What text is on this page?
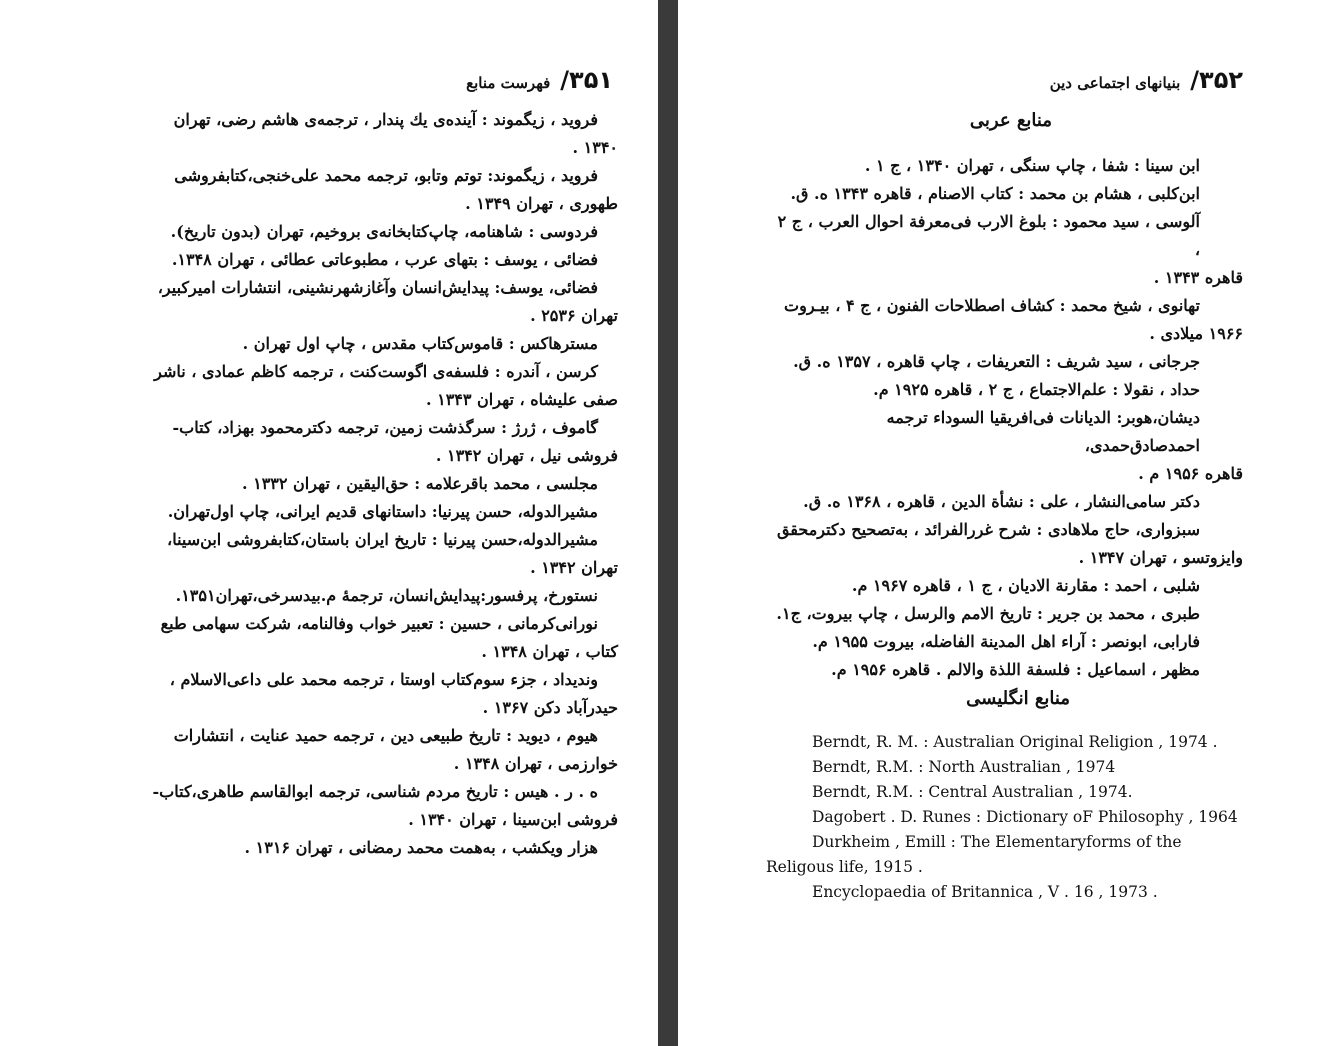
فهرست منابع ۳۵۱/
فروید ، زیگموند : آینده‌ی یك پندار ، ترجمه‌ی هاشم رضی، تهران
۱۳۴۰ .
فروید ، زیگموند: توتم وتابو، ترجمه محمد علی‌خنجی،کتابفروشی
طهوری ، تهران ۱۳۴۹ .
فردوسی : شاهنامه، چاپ‌کتابخانه‌ی بروخیم، تهران (بدون تاریخ).
فضائی ، یوسف : بتهای عرب ، مطبوعاتی عطائی ، تهران ۱۳۴۸.
فضائی، یوسف: پیدایش‌انسان وآغازشهرنشینی، انتشارات امیرکبیر،
تهران ۲۵۳۶ .
مستر‌هاکس : قاموس‌کتاب مقدس ، چاپ اول تهران .
کرسن ، آندره : فلسفه‌ی اگوست‌کنت ، ترجمه کاظم عمادی ، ناشر
صفی علیشاه ، تهران ۱۳۴۳ .
گاموف ، ژرژ : سرگذشت زمین، ترجمه دکترمحمود بهزاد، کتاب-
فروشی نیل ، تهران ۱۳۴۲ .
مجلسی ، محمد باقرعلامه : حق‌الیقین ، تهران ۱۳۳۲ .
مشیرالدوله، حسن پیرنیا: داستانهای قدیم ایرانی، چاپ اول‌تهران.
مشیرالدوله،حسن پیرنیا : تاریخ ایران باستان،کتابفروشی ابن‌سینا،
تهران ۱۳۴۲ .
نستورخ، پرفسور:پیدایش‌انسان، ترجمهٔ م.بیدسرخی،تهران۱۳۵۱.
نورانی‌کرمانی ، حسین : تعبیر خواب وفالنامه، شرکت سهامی طبع
کتاب ، تهران ۱۳۴۸ .
وندیداد ، جزء سوم‌کتاب اوستا ، ترجمه محمد علی داعی‌الاسلام ،
حیدرآباد دکن ۱۳۶۷ .
هیوم ، دیوید : تاریخ طبیعی دین ، ترجمه حمید عنایت ، انتشارات
خوارزمی ، تهران ۱۳۴۸ .
ه . ر . هیس : تاریخ مردم شناسی، ترجمه ابوالقاسم طاهری،کتاب-
فروشی ابن‌سینا ، تهران ۱۳۴۰ .
هزار ویکشب ، به‌همت محمد رمضانی ، تهران ۱۳۱۶ .
۳۵۲/
بنیانهای اجتماعی دین
منابع عربی
ابن سینا : شفا ، چاپ سنگی ، تهران ۱۳۴۰ ، ج ۱ .
ابن‌کلبی ، هشام بن محمد : کتاب الاصنام ، قاهره ۱۳۴۳ ه. ق.
آلوسی ، سید محمود : بلوغ الارب فی‌معرفة احوال العرب ، ج ۲ ،
قاهره ۱۳۴۳ .
تهانوی ، شیخ محمد : کشاف اصطلاحات الفنون ، ج ۴ ، بیـروت
۱۹۶۶ میلادی .
جرجانی ، سید شریف : التعریفات ، چاپ قاهره ، ۱۳۵۷ ه. ق.
حداد ، نقولا : علم‌الاجتماع ، ج ۲ ، قاهره ۱۹۲۵ م.
دیشان،هوبر: الدیانات فی‌افریقیا السوداء ترجمه احمدصادق‌حمدی،
قاهره ۱۹۵۶ م .
دکتر سامی‌النشار ، علی : نشأة الدین ، قاهره ، ۱۳۶۸ ه. ق.
سبزواری، حاج ملاهادی : شرح غررالفرائد ، به‌تصحیح دکترمحقق
وایزوتسو ، تهران ۱۳۴۷ .
شلبی ، احمد : مقارنة الادیان ، ج ۱ ، قاهره ۱۹۶۷ م.
طبری ، محمد بن جریر : تاریخ الامم والرسل ، چاپ بیروت، ج۱.
فارابی، ابونصر : آراء اهل المدینة الفاضله، بیروت ۱۹۵۵ م.
مظهر ، اسماعیل : فلسفة اللذة والالم . قاهره ۱۹۵۶ م.
منابع انگلیسی
Berndt, R. M. : Australian Original Religion , 1974 .
Berndt, R.M. : North Australian , 1974
Berndt, R.M. : Central Australian , 1974.
Dagobert . D. Runes : Dictionary oF Philosophy , 1964
Durkheim , Emill : The Elementaryforms of the
Religous life, 1915 .
Encyclopaedia of Britannica , V . 16 , 1973 .
